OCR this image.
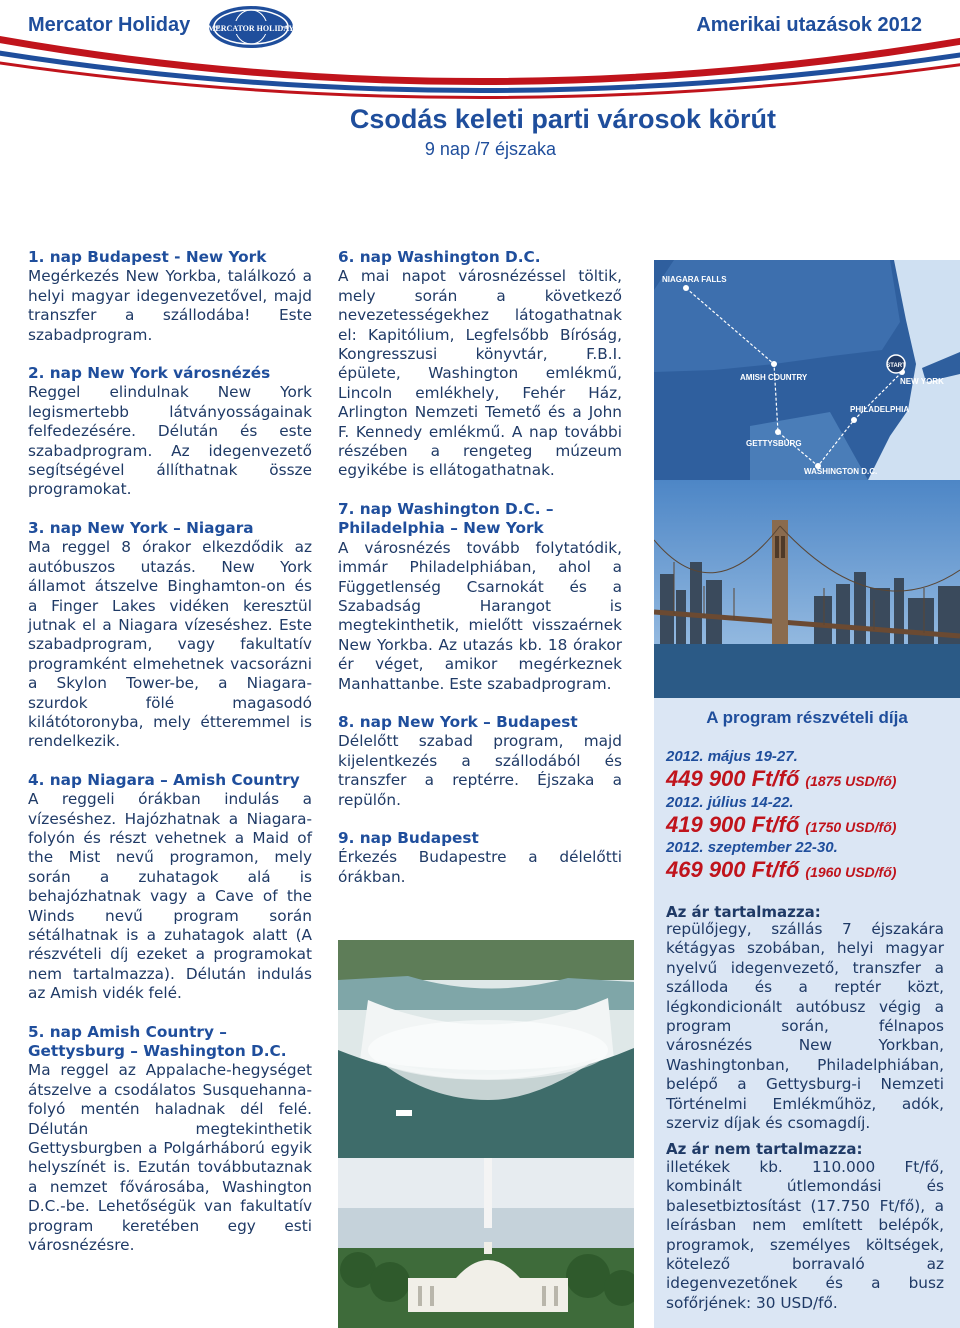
Mercator Holiday MERCATOR HOLIDAY	Amerikai utazások 2012
Csodás keleti parti városok körút
9 nap /7 éjszaka
1. nap Budapest - New York
Megérkezés New Yorkba, találkozó a helyi magyar idegenvezetővel, majd transzfer a szállodába! Este szabadprogram.
2. nap New York városnézés
Reggel elindulnak New York legismertebb látványosságainak felfedezésére. Délután és este szabadprogram. Az idegenvezető segítségével állíthatnak össze programokat.
3. nap New York – Niagara
Ma reggel 8 órakor elkezdődik az autóbuszos utazás. New York államot átszelve Binghamton-on és a Finger Lakes vidéken keresztül jutnak el a Niagara vízeséshez. Este szabadprogram, vagy fakultatív programként elmehetnek vacsorázni a Skylon Tower-be, a Niagara-szurdok fölé magasodó kilátótoronyba, mely étteremmel is rendelkezik.
4. nap Niagara – Amish Country
A reggeli órákban indulás a vízeséshez. Hajózhatnak a Niagara-folyón és részt vehetnek a Maid of the Mist nevű programon, mely során a zuhatagok alá is behajózhatnak vagy a Cave of the Winds nevű program során sétálhatnak is a zuhatagok alatt (A részvételi díj ezeket a programokat nem tartalmazza). Délután indulás az Amish vidék felé.
5. nap Amish Country – Gettysburg – Washington D.C.
Ma reggel az Appalache-hegységet átszelve a csodálatos Susquehanna-folyó mentén haladnak dél felé. Délután megtekinthetik Gettysburgben a Polgárháború egyik helyszínét is. Ezután továbbutaznak a nemzet fővárosába, Washington D.C.-be. Lehetőségük van fakultatív program keretében egy esti városnézésre.
6. nap Washington D.C.
A mai napot városnézéssel töltik, mely során a következő nevezetességekhez látogathatnak el: Kapitólium, Legfelsőbb Bíróság, Kongresszusi könyvtár, F.B.I. épülete, Washington emlékmű, Lincoln emlékhely, Fehér Ház, Arlington Nemzeti Temető és a John F. Kennedy emlékmű. A nap további részében a rengeteg múzeum egyikébe is ellátogathatnak.
7. nap Washington D.C. – Philadelphia – New York
A városnézés tovább folytatódik, immár Philadelphiában, ahol a Függetlenség Csarnokát és a Szabadság Harangot is megtekinthetik, mielőtt visszaérnek New Yorkba. Az utazás kb. 18 órakor ér véget, amikor megérkeznek Manhattanbe. Este szabadprogram.
8. nap New York – Budapest
Délelőtt szabad program, majd kijelentkezés a szállodából és transzfer a reptérre. Éjszaka a repülőn.
9. nap Budapest
Érkezés Budapestre a délelőtti órákban.
START
NIAGARA FALLS
AMISH COUNTRY
GETTYSBURG
WASHINGTON D.C.
PHILADELPHIA
NEW YORK
A program részvételi díja
2012. május 19-27.
449 900 Ft/fő (1875 USD/fő)
2012. július 14-22.
419 900 Ft/fő (1750 USD/fő)
2012. szeptember 22-30.
469 900 Ft/fő (1960 USD/fő)
Az ár tartalmazza:
repülőjegy, szállás 7 éjszakára kétágyas szobában, helyi magyar nyelvű idegenvezető, transzfer a szálloda és a reptér közt, légkondicionált autóbusz végig a program során, félnapos városnézés New Yorkban, Washingtonban, Philadelphiában, belépő a Gettysburg-i Nemzeti Történelmi Emlékműhöz, adók, szerviz díjak és csomagdíj.
Az ár nem tartalmazza:
illetékek kb. 110.000 Ft/fő, kombinált útlemondási és balesetbiztosítást (17.750 Ft/fő), a leírásban nem említett belépők, programok, személyes költségek, kötelező borravaló az idegenvezetőnek és a busz sofőrjének: 30 USD/fő.
